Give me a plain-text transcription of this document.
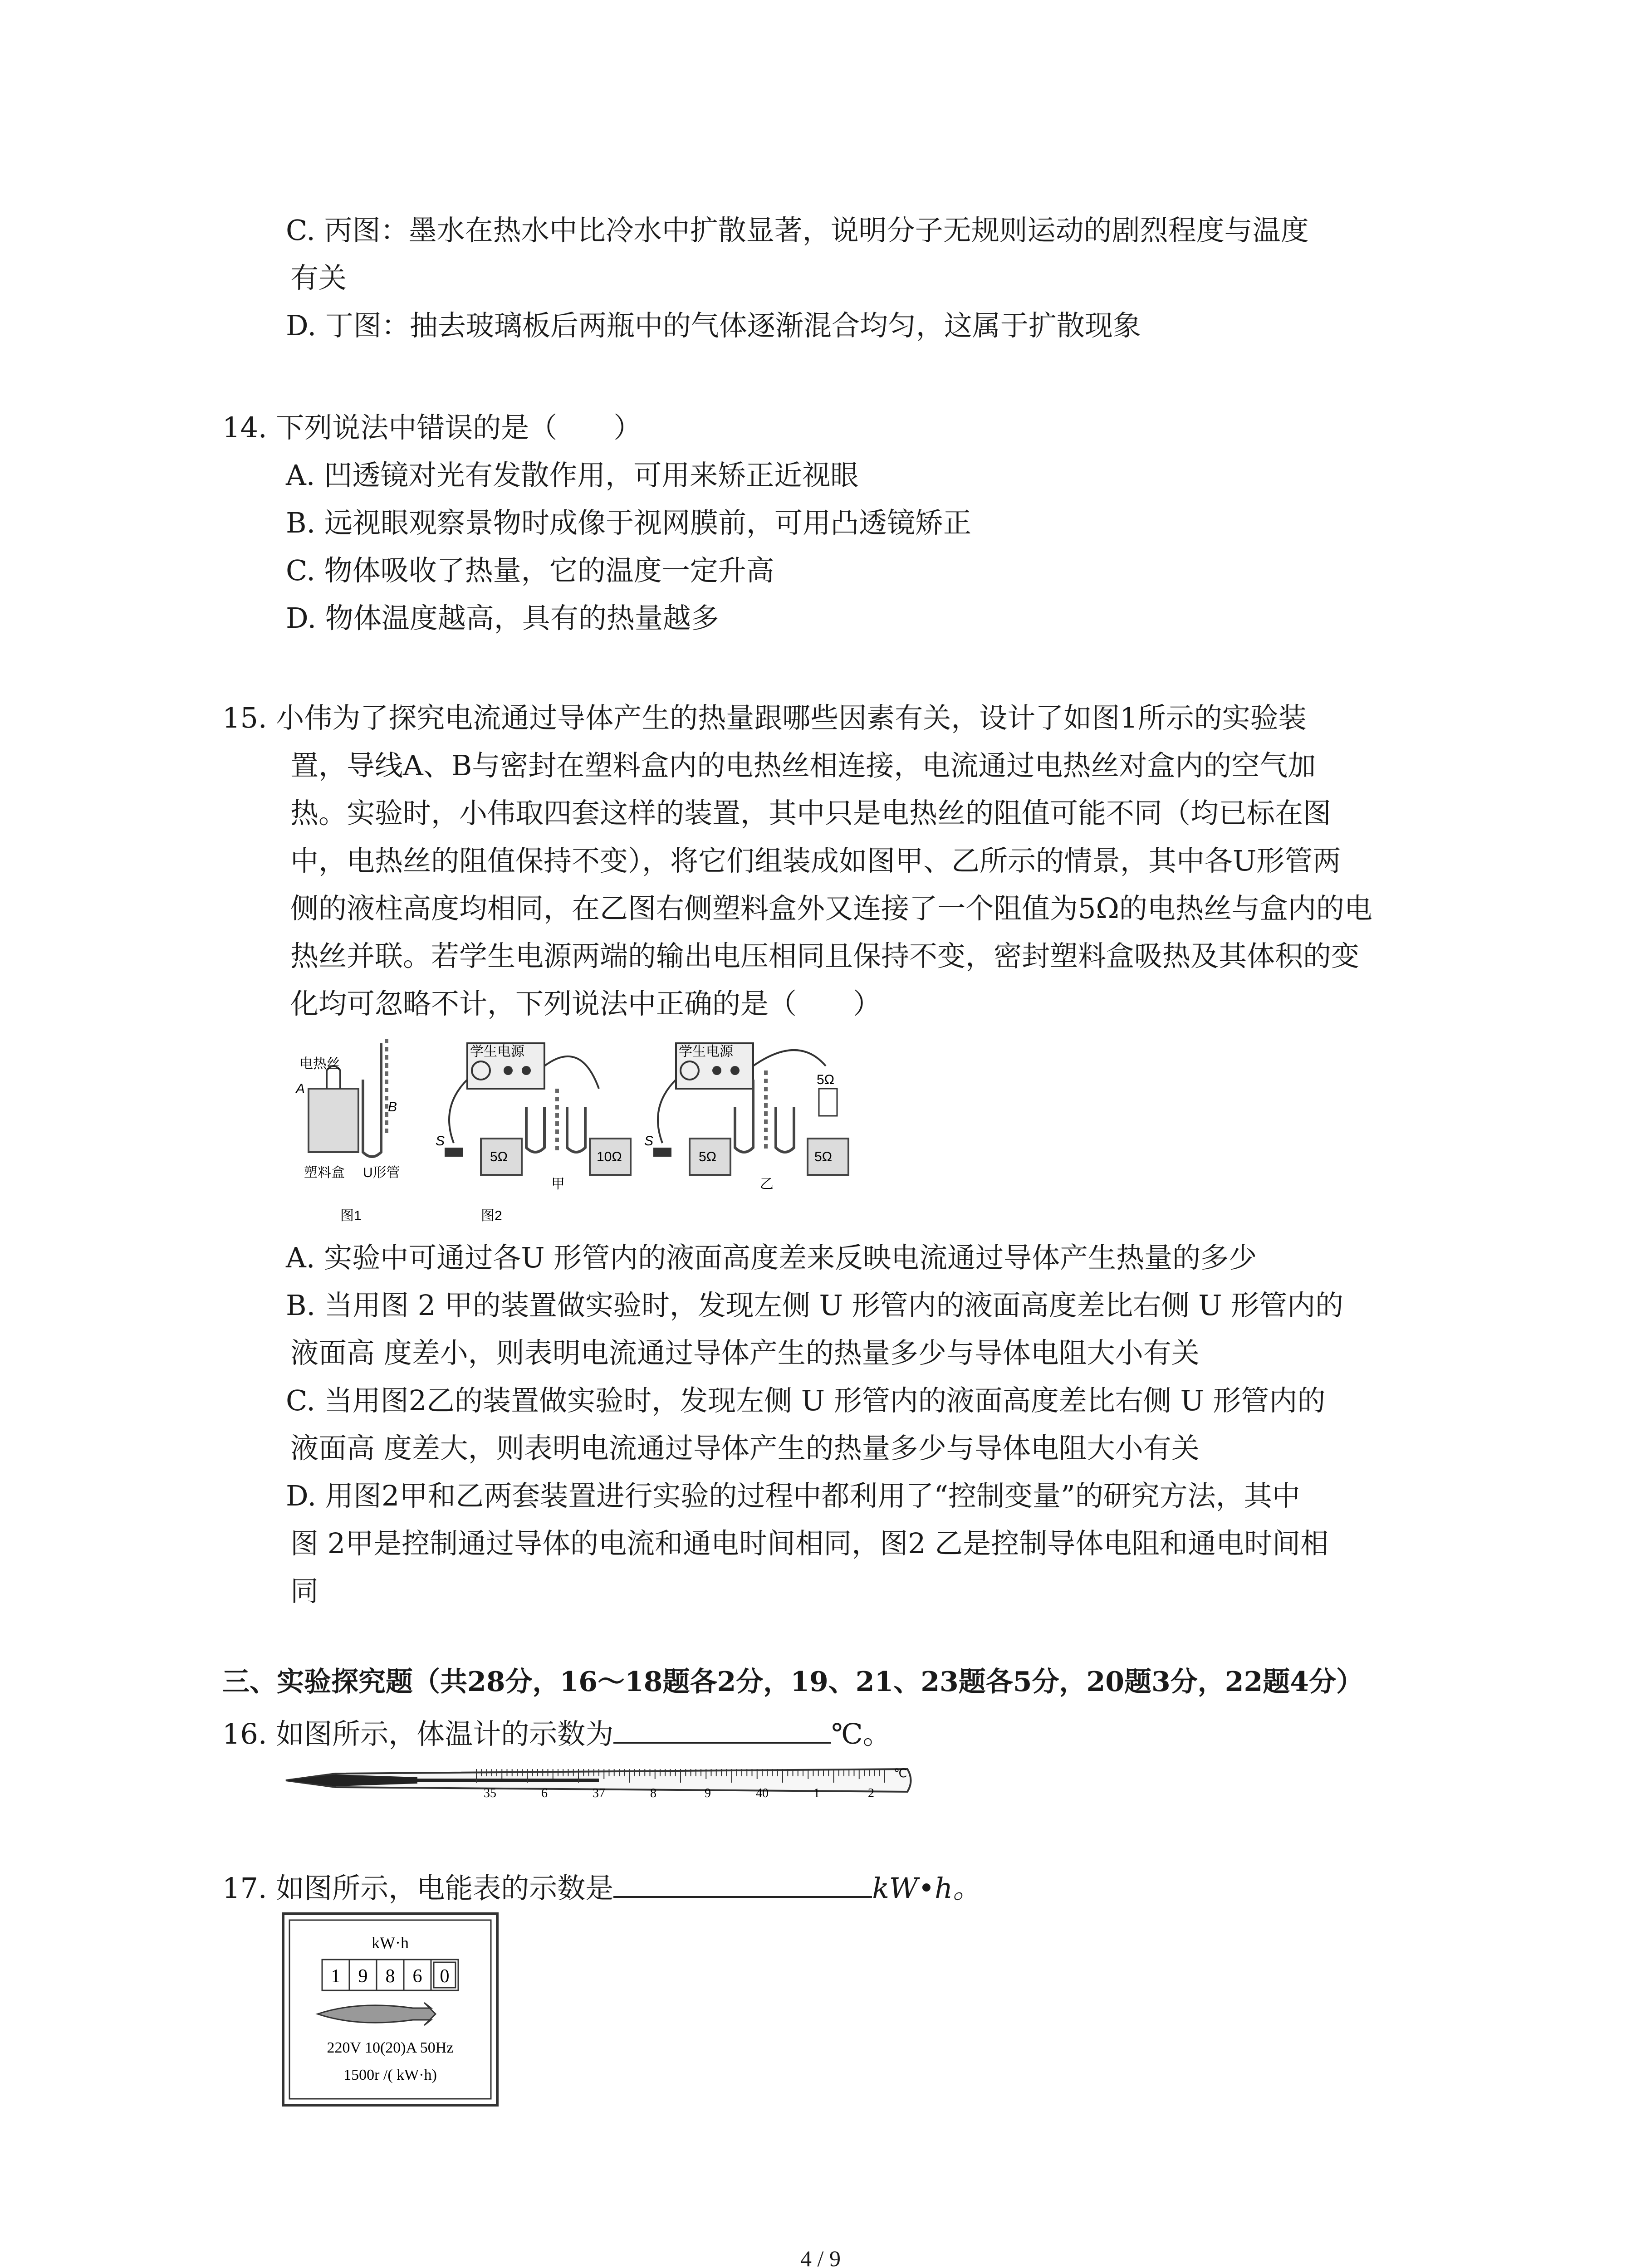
C. 丙图：墨水在热水中比冷水中扩散显著，说明分子无规则运动的剧烈程度与温度
有关
D. 丁图：抽去玻璃板后两瓶中的气体逐渐混合均匀，这属于扩散现象
14. 下列说法中错误的是（　　）
A. 凹透镜对光有发散作用，可用来矫正近视眼
B. 远视眼观察景物时成像于视网膜前，可用凸透镜矫正
C. 物体吸收了热量，它的温度一定升高
D. 物体温度越高，具有的热量越多
15. 小伟为了探究电流通过导体产生的热量跟哪些因素有关，设计了如图1所示的实验装
置，导线A、B与密封在塑料盒内的电热丝相连接，电流通过电热丝对盒内的空气加
热。实验时，小伟取四套这样的装置，其中只是电热丝的阻值可能不同（均已标在图
中，电热丝的阻值保持不变），将它们组装成如图甲、乙所示的情景，其中各U形管两
侧的液柱高度均相同，在乙图右侧塑料盒外又连接了一个阻值为5Ω的电热丝与盒内的电
热丝并联。若学生电源两端的输出电压相同且保持不变，密封塑料盒吸热及其体积的变
化均可忽略不计，下列说法中正确的是（　　）
电热丝
A
B
塑料盒 U形管
图1
学生电源
S
5Ω	10Ω
甲
图2
学生电源
S
5Ω	5Ω
5Ω
乙
A. 实验中可通过各U 形管内的液面高度差来反映电流通过导体产生热量的多少
B. 当用图 2 甲的装置做实验时，发现左侧 U 形管内的液面高度差比右侧 U 形管内的
液面高 度差小，则表明电流通过导体产生的热量多少与导体电阻大小有关
C. 当用图2乙的装置做实验时，发现左侧 U 形管内的液面高度差比右侧 U 形管内的
液面高 度差大，则表明电流通过导体产生的热量多少与导体电阻大小有关
D. 用图2甲和乙两套装置进行实验的过程中都利用了“控制变量”的研究方法，其中
图 2甲是控制通过导体的电流和通电时间相同，图2 乙是控制导体电阻和通电时间相
同
三、实验探究题（共28分，16～18题各2分，19、21、23题各5分，20题3分，22题4分）
16. 如图所示，体温计的示数为	℃。
35	6	37	8	9	40	1	2
℃
17. 如图所示，电能表的示数是	kW•h。
kW·h
1 9 8 6 0
220V 10(20)A 50Hz
1500r /( kW·h)
4 / 9
